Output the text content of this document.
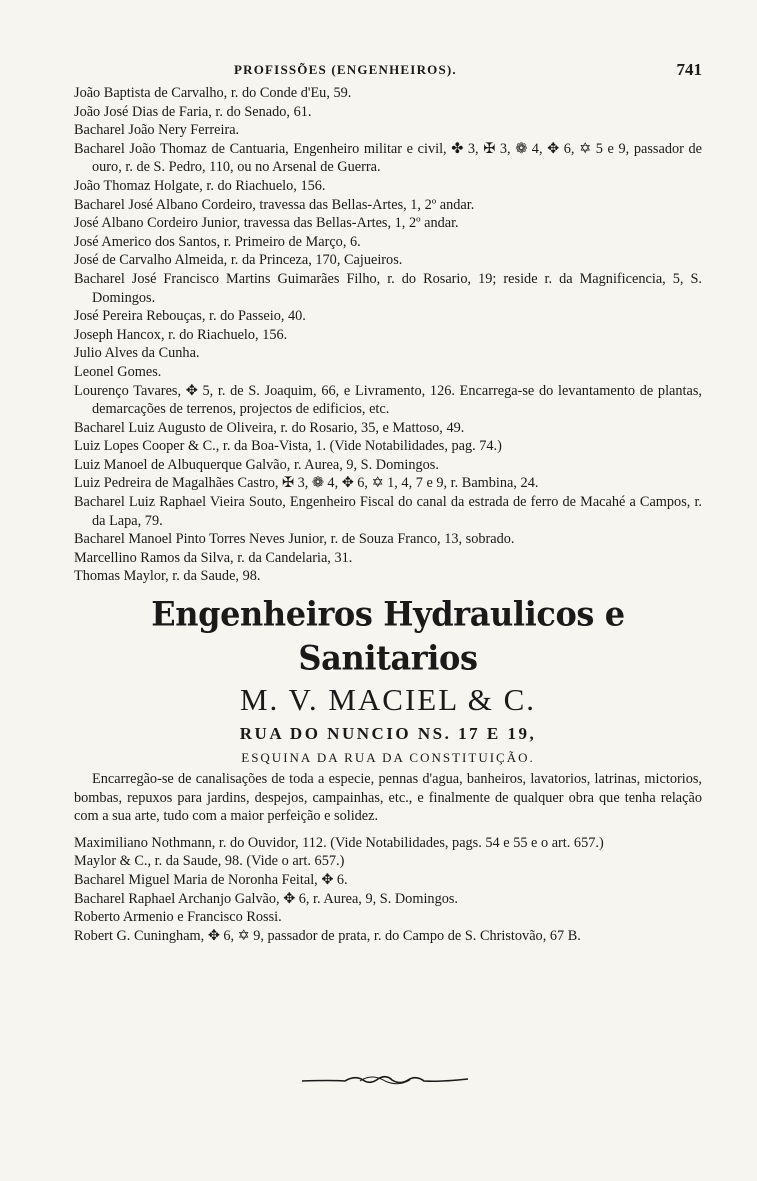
PROFISSÕES (ENGENHEIROS).	741

João Baptista de Carvalho, r. do Conde d'Eu, 59.

João José Dias de Faria, r. do Senado, 61.

Bacharel João Nery Ferreira.

Bacharel João Thomaz de Cantuaria, Engenheiro militar e civil, ✤ 3, ✠ 3, ❁ 4, ✥ 6, ✡ 5 e 9, passador de ouro, r. de S. Pedro, 110, ou no Arsenal de Guerra.

João Thomaz Holgate, r. do Riachuelo, 156.

Bacharel José Albano Cordeiro, travessa das Bellas-Artes, 1, 2º andar.

José Albano Cordeiro Junior, travessa das Bellas-Artes, 1, 2º andar.

José Americo dos Santos, r. Primeiro de Março, 6.

José de Carvalho Almeida, r. da Princeza, 170, Cajueiros.

Bacharel José Francisco Martins Guimarães Filho, r. do Rosario, 19; reside r. da Magnificencia, 5, S. Domingos.

José Pereira Rebouças, r. do Passeio, 40.

Joseph Hancox, r. do Riachuelo, 156.

Julio Alves da Cunha.

Leonel Gomes.

Lourenço Tavares, ✥ 5, r. de S. Joaquim, 66, e Livramento, 126. Encarrega-se do levantamento de plantas, demarcações de terrenos, projectos de edificios, etc.

Bacharel Luiz Augusto de Oliveira, r. do Rosario, 35, e Mattoso, 49.

Luiz Lopes Cooper & C., r. da Boa-Vista, 1. (Vide Notabilidades, pag. 74.)

Luiz Manoel de Albuquerque Galvão, r. Aurea, 9, S. Domingos.

Luiz Pedreira de Magalhães Castro, ✠ 3, ❁ 4, ✥ 6, ✡ 1, 4, 7 e 9, r. Bambina, 24.

Bacharel Luiz Raphael Vieira Souto, Engenheiro Fiscal do canal da estrada de ferro de Macahé a Campos, r. da Lapa, 79.

Bacharel Manoel Pinto Torres Neves Junior, r. de Souza Franco, 13, sobrado.

Marcellino Ramos da Silva, r. da Candelaria, 31.

Thomas Maylor, r. da Saude, 98.

Engenheiros Hydraulicos e Sanitarios
M. V. MACIEL & C.
RUA DO NUNCIO NS. 17 E 19,
ESQUINA DA RUA DA CONSTITUIÇÃO.

Encarregão-se de canalisações de toda a especie, pennas d'agua, banheiros, lavatorios, latrinas, mictorios, bombas, repuxos para jardins, despejos, campainhas, etc., e finalmente de qualquer obra que tenha relação com a sua arte, tudo com a maior perfeição e solidez.

Maximiliano Nothmann, r. do Ouvidor, 112. (Vide Notabilidades, pags. 54 e 55 e o art. 657.)

Maylor & C., r. da Saude, 98. (Vide o art. 657.)

Bacharel Miguel Maria de Noronha Feital, ✥ 6.

Bacharel Raphael Archanjo Galvão, ✥ 6, r. Aurea, 9, S. Domingos.

Roberto Armenio e Francisco Rossi.

Robert G. Cuningham, ✥ 6, ✡ 9, passador de prata, r. do Campo de S. Christovão, 67 B.
